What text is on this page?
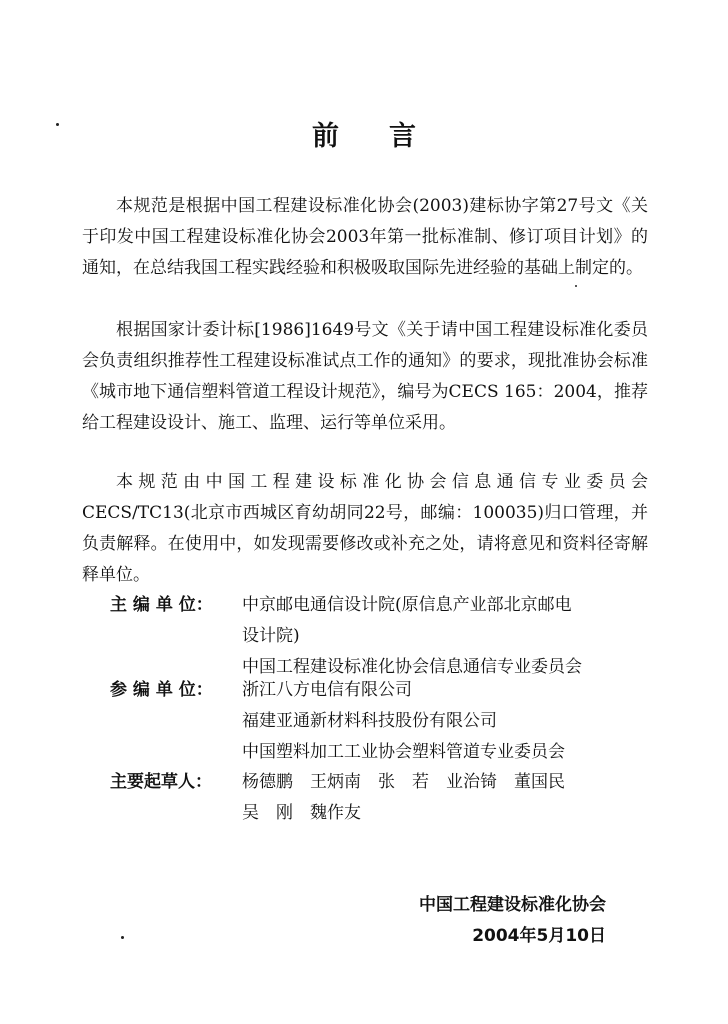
前 言

本规范是根据中国工程建设标准化协会(2003)建标协字第27号文《关于印发中国工程建设标准化协会2003年第一批标准制、修订项目计划》的通知，在总结我国工程实践经验和积极吸取国际先进经验的基础上制定的。

根据国家计委计标[1986]1649号文《关于请中国工程建设标准化委员会负责组织推荐性工程建设标准试点工作的通知》的要求，现批准协会标准《城市地下通信塑料管道工程设计规范》，编号为CECS 165：2004，推荐给工程建设设计、施工、监理、运行等单位采用。

本规范由中国工程建设标准化协会信息通信专业委员会CECS/TC13(北京市西城区育幼胡同22号，邮编：100035)归口管理，并负责解释。在使用中，如发现需要修改或补充之处，请将意见和资料径寄解释单位。

主 编 单 位：	中京邮电通信设计院(原信息产业部北京邮电
设计院)
中国工程建设标准化协会信息通信专业委员会
参 编 单 位：	浙江八方电信有限公司
福建亚通新材料科技股份有限公司
中国塑料加工工业协会塑料管道专业委员会
主要起草人：	杨德鹏　王炳南　张　若　业治锜　董国民
吴　刚　魏作友
中国工程建设标准化协会
2004年5月10日
